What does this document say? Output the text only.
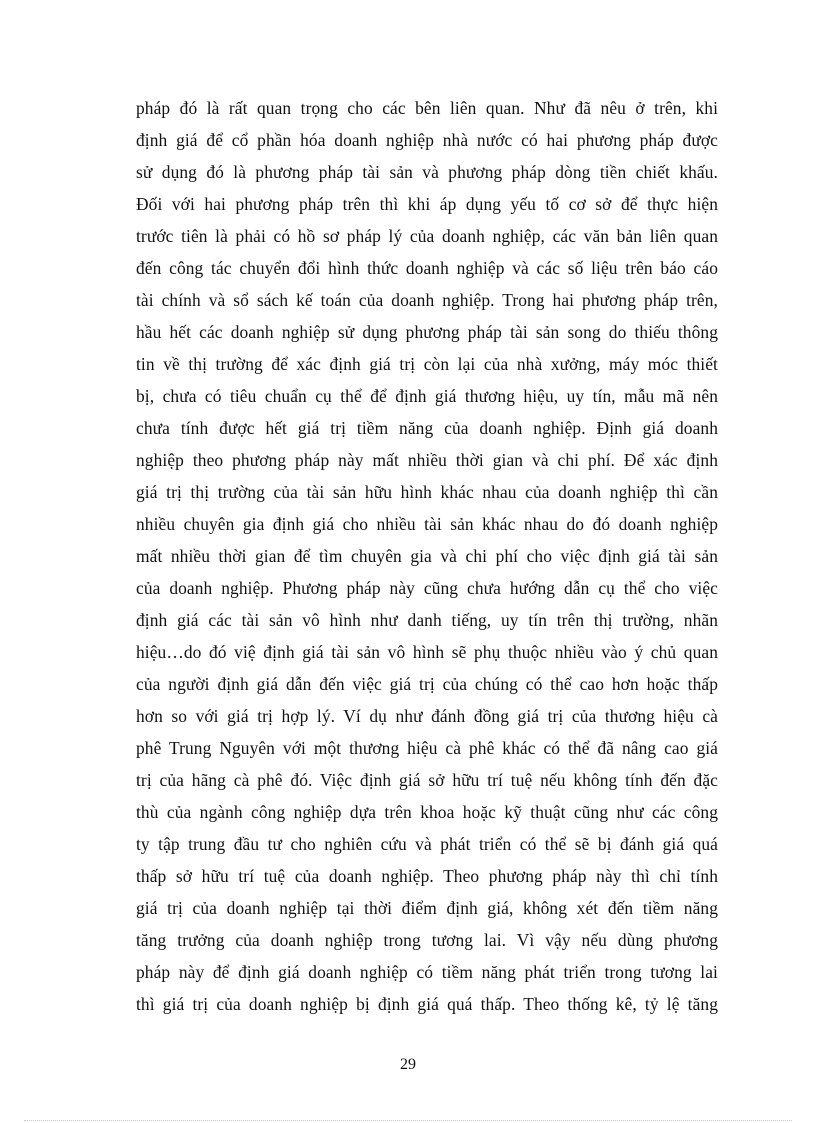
pháp đó là rất quan trọng cho các bên liên quan. Như đã nêu ở trên, khi
định giá để cổ phần hóa doanh nghiệp nhà nước có hai phương pháp được
sử dụng đó là phương pháp tài sản và phương pháp dòng tiền chiết khấu.
Đối với hai phương pháp trên thì khi áp dụng yếu tố cơ sở để thực hiện
trước tiên là phải có hồ sơ pháp lý của doanh nghiệp, các văn bản liên quan
đến công tác chuyển đổi hình thức doanh nghiệp và các số liệu trên báo cáo
tài chính và sổ sách kế toán của doanh nghiệp. Trong hai phương pháp trên,
hầu hết các doanh nghiệp sử dụng phương pháp tài sản song do thiếu thông
tin về thị trường để xác định giá trị còn lại của nhà xưởng, máy móc thiết
bị, chưa có tiêu chuẩn cụ thể để định giá thương hiệu, uy tín, mẫu mã nên
chưa tính được hết giá trị tiềm năng của doanh nghiệp. Định giá doanh
nghiệp theo phương pháp này mất nhiều thời gian và chi phí. Để xác định
giá trị thị trường của tài sản hữu hình khác nhau của doanh nghiệp thì cần
nhiều chuyên gia định giá cho nhiều tài sản khác nhau do đó doanh nghiệp
mất nhiều thời gian để tìm chuyên gia và chi phí cho việc định giá tài sản
của doanh nghiệp. Phương pháp này cũng chưa hướng dẫn cụ thể cho việc
định giá các tài sản vô hình như danh tiếng, uy tín trên thị trường, nhãn
hiệu…do đó việ định giá tài sản vô hình sẽ phụ thuộc nhiều vào ý chủ quan
của người định giá dẫn đến việc giá trị của chúng có thể cao hơn hoặc thấp
hơn so với giá trị hợp lý. Ví dụ như đánh đồng giá trị của thương hiệu cà
phê Trung Nguyên với một thương hiệu cà phê khác có thể đã nâng cao giá
trị của hãng cà phê đó. Việc định giá sở hữu trí tuệ nếu không tính đến đặc
thù của ngành công nghiệp dựa trên khoa hoặc kỹ thuật cũng như các công
ty tập trung đầu tư cho nghiên cứu và phát triển có thể sẽ bị đánh giá quá
thấp sở hữu trí tuệ của doanh nghiệp. Theo phương pháp này thì chỉ tính
giá trị của doanh nghiệp tại thời điểm định giá, không xét đến tiềm năng
tăng trưởng của doanh nghiệp trong tương lai. Vì vậy nếu dùng phương
pháp này để định giá doanh nghiệp có tiềm năng phát triển trong tương lai
thì giá trị của doanh nghiệp bị định giá quá thấp. Theo thống kê, tỷ lệ tăng
29
